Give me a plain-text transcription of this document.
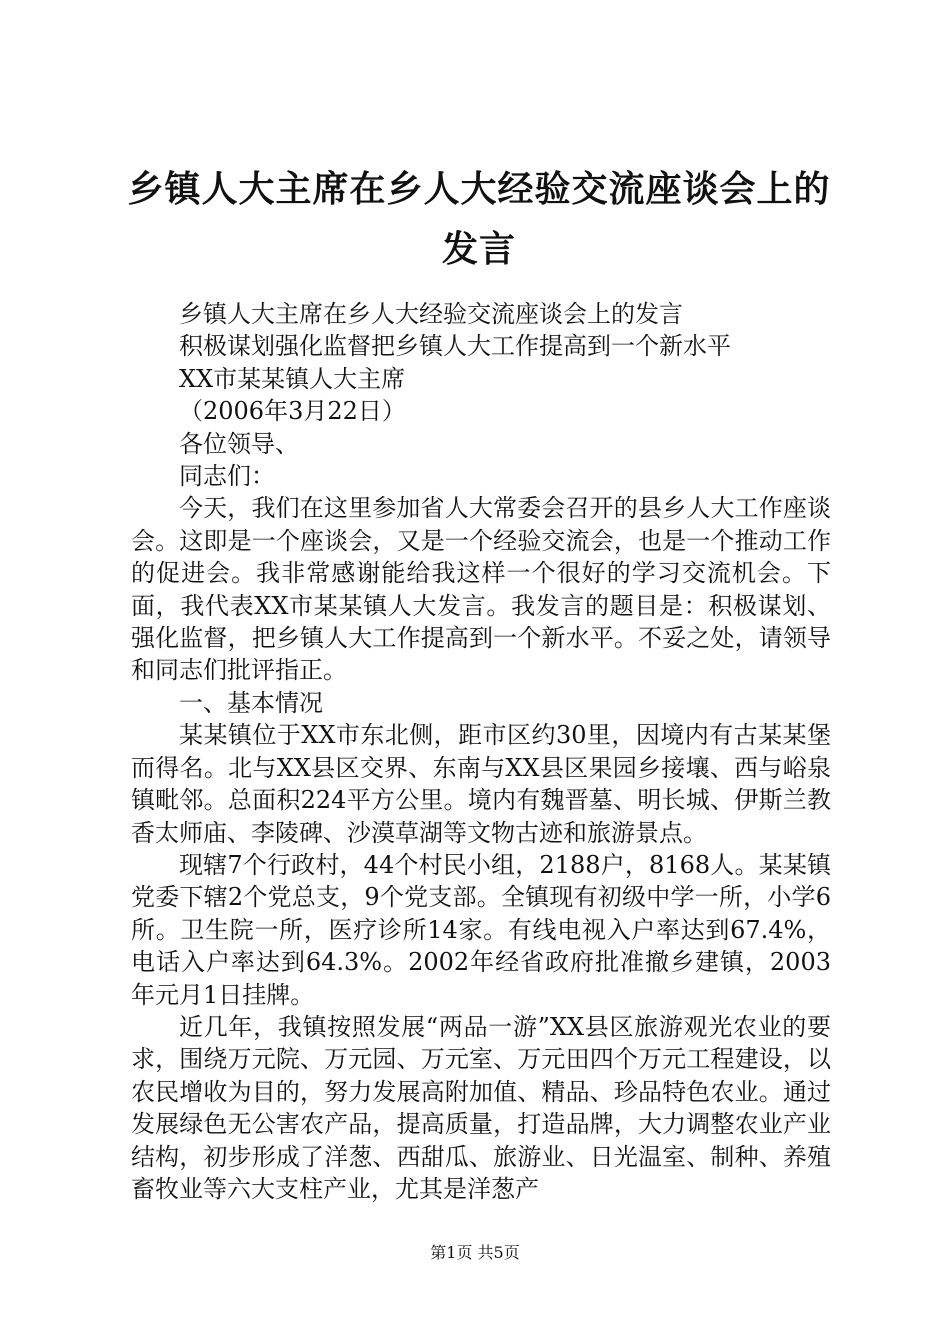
乡镇人大主席在乡人大经验交流座谈会上的发言

乡镇人大主席在乡人大经验交流座谈会上的发言

积极谋划强化监督把乡镇人大工作提高到一个新水平

XX市某某镇人大主席

（2006年3月22日）

各位领导、

同志们：

今天，我们在这里参加省人大常委会召开的县乡人大工作座谈会。这即是一个座谈会，又是一个经验交流会，也是一个推动工作的促进会。我非常感谢能给我这样一个很好的学习交流机会。下面，我代表XX市某某镇人大发言。我发言的题目是：积极谋划、强化监督，把乡镇人大工作提高到一个新水平。不妥之处，请领导和同志们批评指正。

一、基本情况

某某镇位于XX市东北侧，距市区约30里，因境内有古某某堡而得名。北与XX县区交界、东南与XX县区果园乡接壤、西与峪泉镇毗邻。总面积224平方公里。境内有魏晋墓、明长城、伊斯兰教香太师庙、李陵碑、沙漠草湖等文物古迹和旅游景点。

现辖7个行政村，44个村民小组，2188户，8168人。某某镇党委下辖2个党总支，9个党支部。全镇现有初级中学一所，小学6所。卫生院一所，医疗诊所14家。有线电视入户率达到67.4%，电话入户率达到64.3%。2002年经省政府批准撤乡建镇，2003年元月1日挂牌。

近几年，我镇按照发展“两品一游”XX县区旅游观光农业的要求，围绕万元院、万元园、万元室、万元田四个万元工程建设，以农民增收为目的，努力发展高附加值、精品、珍品特色农业。通过发展绿色无公害农产品，提高质量，打造品牌，大力调整农业产业结构，初步形成了洋葱、西甜瓜、旅游业、日光温室、制种、养殖畜牧业等六大支柱产业，尤其是洋葱产

第1页 共5页
